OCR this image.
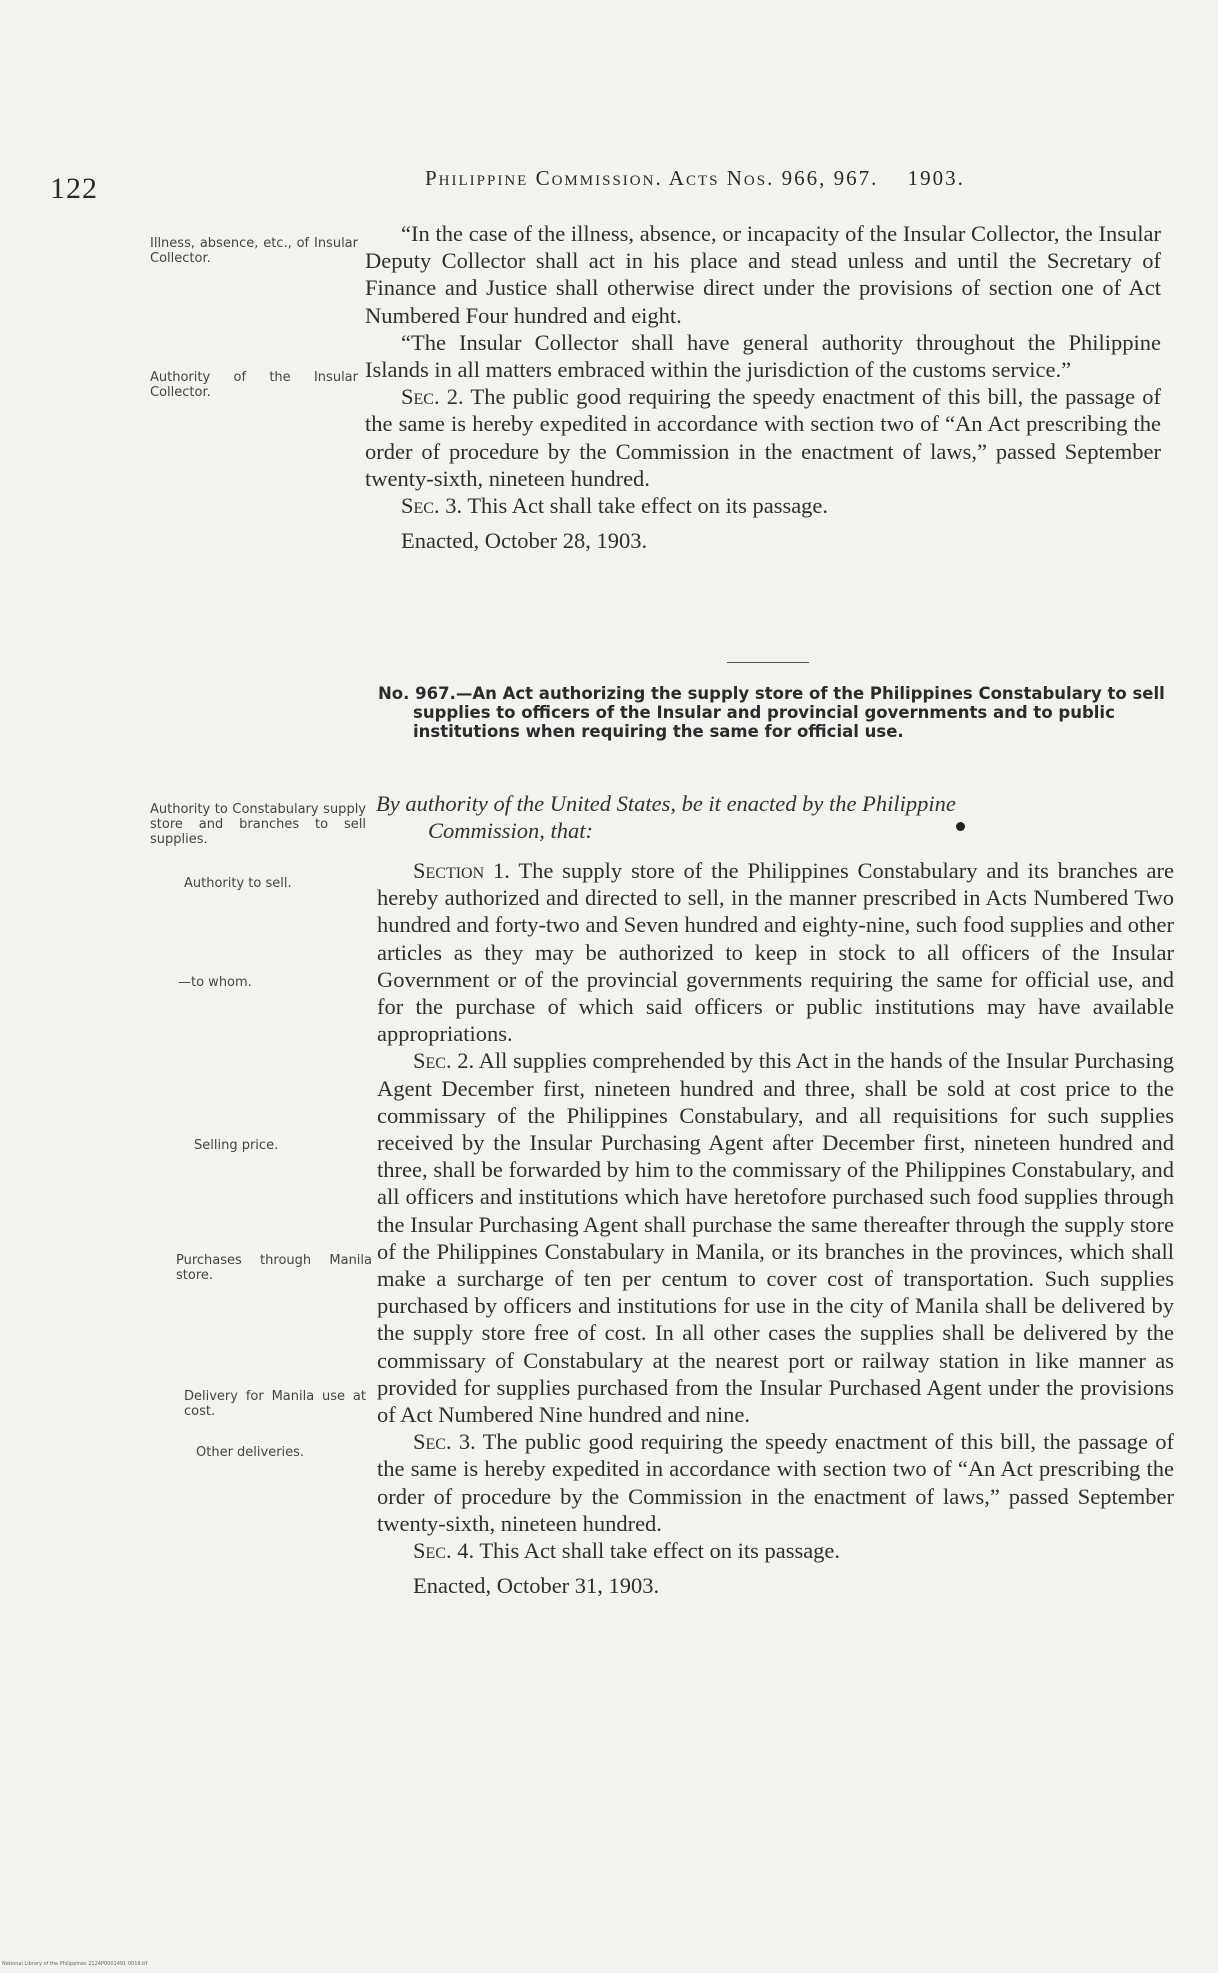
122	Philippine Commission. Acts Nos. 966, 967. 1903.
Illness, absence, etc., of Insular Collector.
Authority of the Insular Collector.
Authority to Constabulary supply store and branches to sell supplies.
Authority to sell.
—to whom.
Selling price.
Purchases through Manila store.
Delivery for Manila use at cost.
Other deliveries.

“In the case of the illness, absence, or incapacity of the Insular Collector, the Insular Deputy Collector shall act in his place and stead unless and until the Secretary of Finance and Justice shall otherwise direct under the provisions of section one of Act Numbered Four hundred and eight.

“The Insular Collector shall have general authority throughout the Philippine Islands in all matters embraced within the jurisdiction of the customs service.”

Sec. 2. The public good requiring the speedy enactment of this bill, the passage of the same is hereby expedited in accordance with section two of “An Act prescribing the order of procedure by the Commission in the enactment of laws,” passed September twenty-sixth, nineteen hundred.

Sec. 3. This Act shall take effect on its passage.

Enacted, October 28, 1903.

No. 967.—An Act authorizing the supply store of the Philippines Constabulary to sell supplies to officers of the Insular and provincial governments and to public institutions when requiring the same for official use.
By authority of the United States, be it enacted by the Philippine
Commission, that:

Section 1. The supply store of the Philippines Constabulary and its branches are hereby authorized and directed to sell, in the manner prescribed in Acts Numbered Two hundred and forty-two and Seven hundred and eighty-nine, such food supplies and other articles as they may be authorized to keep in stock to all officers of the Insular Government or of the provincial governments requiring the same for official use, and for the purchase of which said officers or public institutions may have available appropriations.

Sec. 2. All supplies comprehended by this Act in the hands of the Insular Purchasing Agent December first, nineteen hundred and three, shall be sold at cost price to the commissary of the Philippines Constabulary, and all requisitions for such supplies received by the Insular Purchasing Agent after December first, nineteen hundred and three, shall be forwarded by him to the commissary of the Philippines Constabulary, and all officers and institutions which have heretofore purchased such food supplies through the Insular Purchasing Agent shall purchase the same thereafter through the supply store of the Philippines Constabulary in Manila, or its branches in the provinces, which shall make a surcharge of ten per centum to cover cost of transportation. Such supplies purchased by officers and institutions for use in the city of Manila shall be delivered by the supply store free of cost. In all other cases the supplies shall be delivered by the commissary of Constabulary at the nearest port or railway station in like manner as provided for supplies purchased from the Insular Purchased Agent under the provisions of Act Numbered Nine hundred and nine.

Sec. 3. The public good requiring the speedy enactment of this bill, the passage of the same is hereby expedited in accordance with section two of “An Act prescribing the order of procedure by the Commission in the enactment of laws,” passed September twenty-sixth, nineteen hundred.

Sec. 4. This Act shall take effect on its passage.

Enacted, October 31, 1903.

National Library of the Philippines 2124P0001491 0019.tif
